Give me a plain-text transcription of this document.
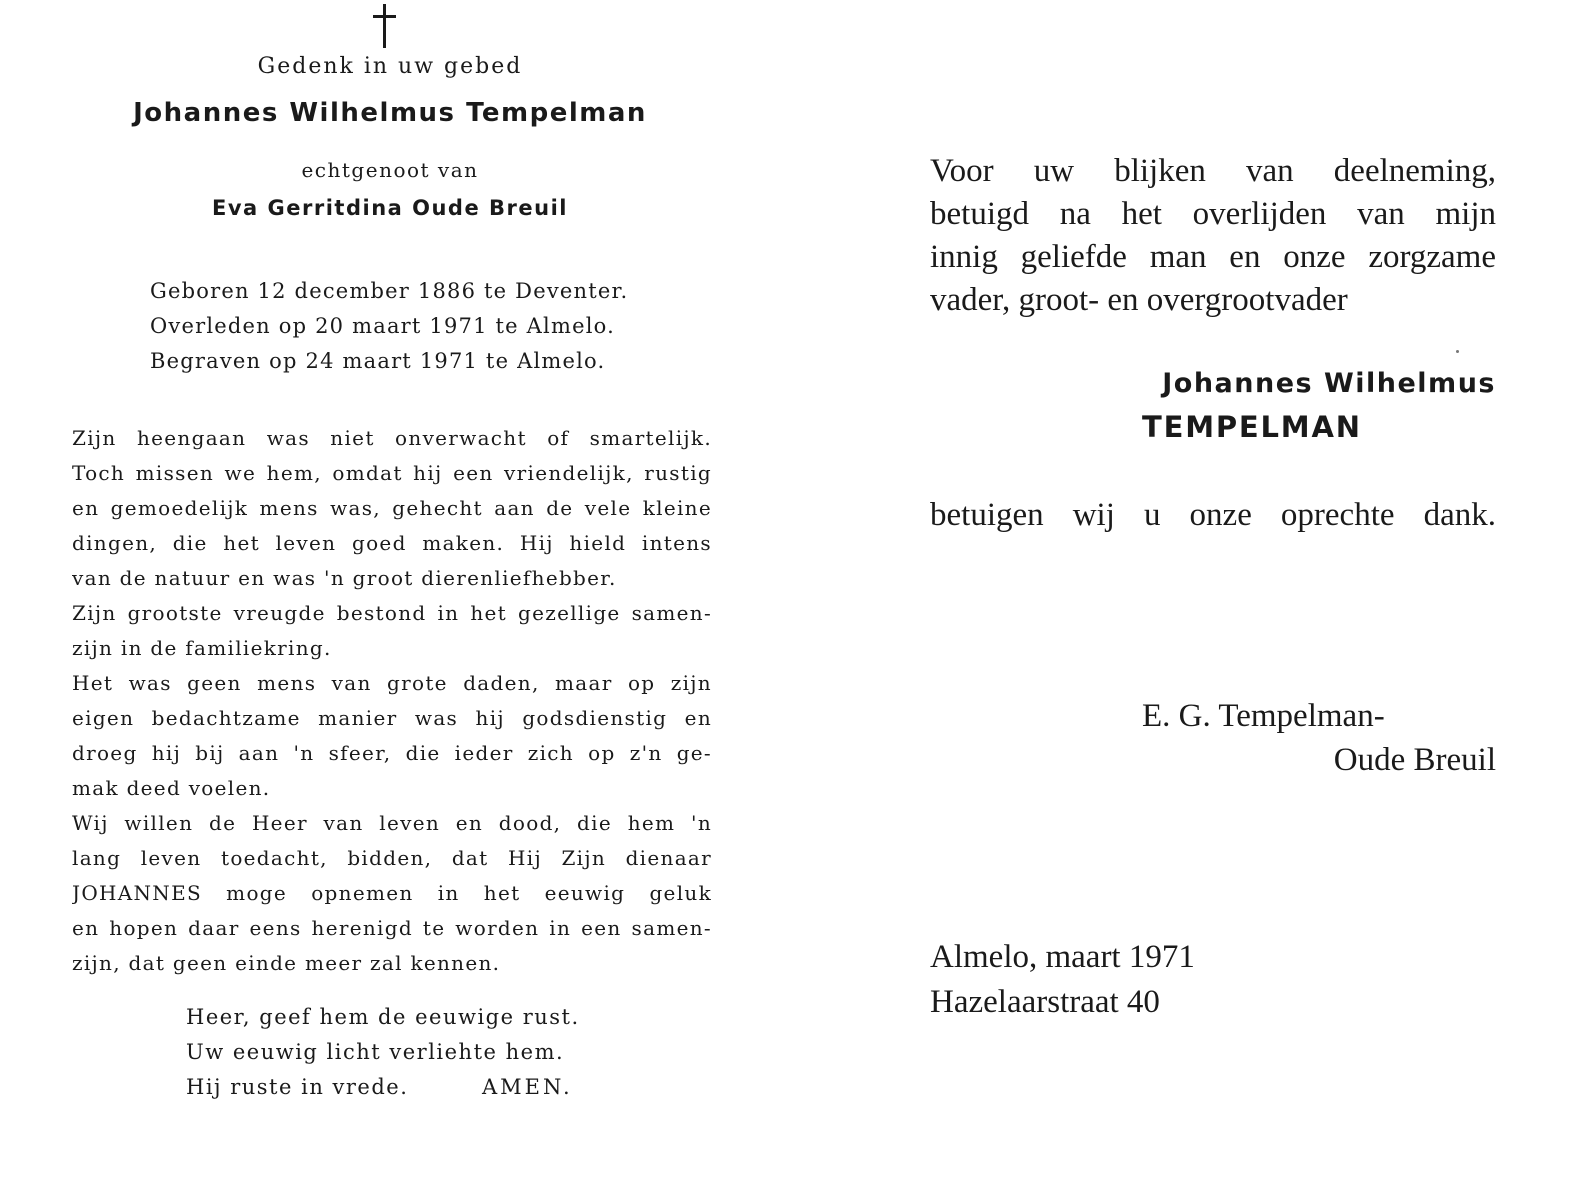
Gedenk in uw gebed
Johannes Wilhelmus Tempelman
echtgenoot van
Eva Gerritdina Oude Breuil
Geboren 12 december 1886 te Deventer.
Overleden op 20 maart 1971 te Almelo.
Begraven op 24 maart 1971 te Almelo.
Zijn heengaan was niet onverwacht of smartelijk.
Toch missen we hem, omdat hij een vriendelijk, rustig
en gemoedelijk mens was, gehecht aan de vele kleine
dingen, die het leven goed maken. Hij hield intens
van de natuur en was 'n groot dierenliefhebber.
Zijn grootste vreugde bestond in het gezellige samen-
zijn in de familiekring.
Het was geen mens van grote daden, maar op zijn
eigen bedachtzame manier was hij godsdienstig en
droeg hij bij aan 'n sfeer, die ieder zich op z'n ge-
mak deed voelen.
Wij willen de Heer van leven en dood, die hem 'n
lang leven toedacht, bidden, dat Hij Zijn dienaar
JOHANNES moge opnemen in het eeuwig geluk
en hopen daar eens herenigd te worden in een samen-
zijn, dat geen einde meer zal kennen.
Heer, geef hem de eeuwige rust.
Uw eeuwig licht verliehte hem.
Hij ruste in vrede.	AMEN.
Voor uw blijken van deelneming,
betuigd na het overlijden van mijn
innig geliefde man en onze zorgzame
vader, groot- en overgrootvader
Johannes Wilhelmus
TEMPELMAN
betuigen wij u onze oprechte dank.
E. G. Tempelman-
Oude Breuil
Almelo, maart 1971
Hazelaarstraat 40
